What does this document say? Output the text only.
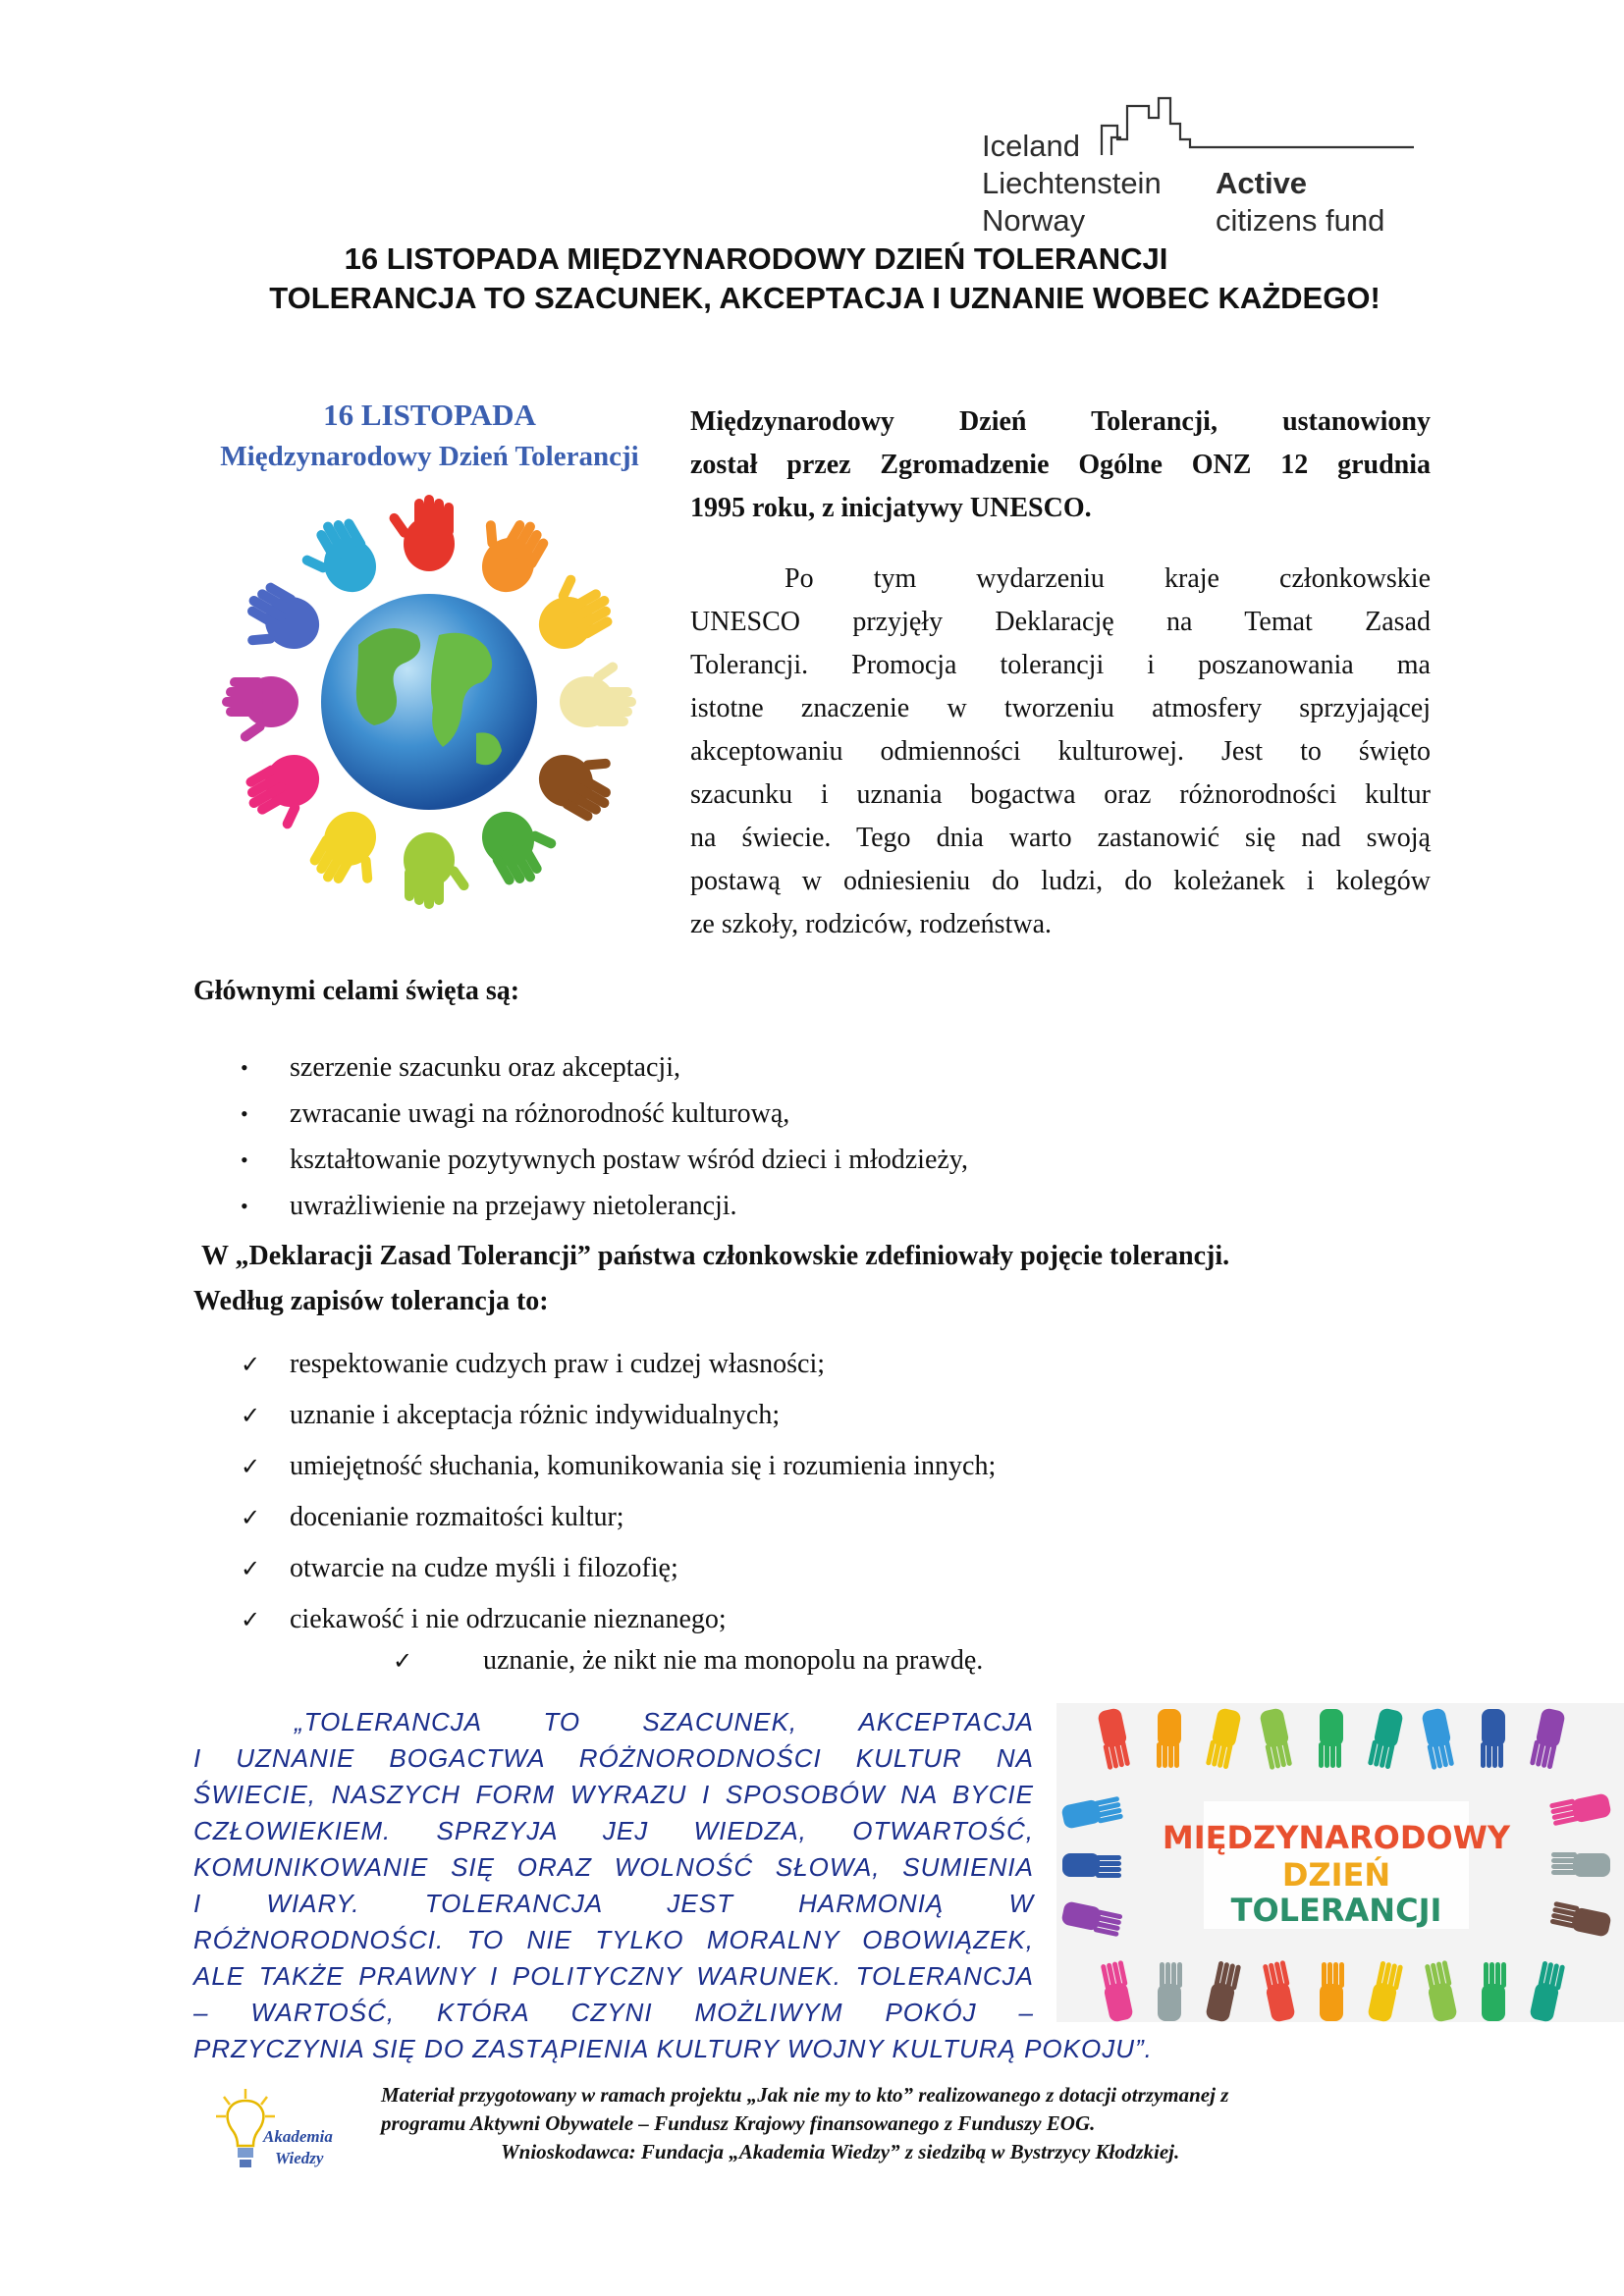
Iceland
Liechtenstein
Norway
Active
citizens fund
16 LISTOPADA MIĘDZYNARODOWY DZIEŃ TOLERANCJI
TOLERANCJA TO SZACUNEK, AKCEPTACJA I UZNANIE WOBEC KAŻDEGO!
16 LISTOPADA
Międzynarodowy Dzień Tolerancji
Międzynarodowy Dzień Tolerancji, ustanowiony
został przez Zgromadzenie Ogólne ONZ 12 grudnia
1995 roku, z inicjatywy UNESCO.
Po tym wydarzeniu kraje członkowskie
UNESCO przyjęły Deklarację na Temat Zasad
Tolerancji. Promocja tolerancji i poszanowania ma
istotne znaczenie w tworzeniu atmosfery sprzyjającej
akceptowaniu odmienności kulturowej. Jest to święto
szacunku i uznania bogactwa oraz różnorodności kultur
na świecie. Tego dnia warto zastanowić się nad swoją
postawą w odniesieniu do ludzi, do koleżanek i kolegów
ze szkoły, rodziców, rodzeństwa.
Głównymi celami święta są:
•	szerzenie szacunku oraz akceptacji,
•	zwracanie uwagi na różnorodność kulturową,
•	kształtowanie pozytywnych postaw wśród dzieci i młodzieży,
•	uwrażliwienie na przejawy nietolerancji.
W „Deklaracji Zasad Tolerancji” państwa członkowskie zdefiniowały pojęcie tolerancji.
Według zapisów tolerancja to:
✓	respektowanie cudzych praw i cudzej własności;
✓	uznanie i akceptacja różnic indywidualnych;
✓	umiejętność słuchania, komunikowania się i rozumienia innych;
✓	docenianie rozmaitości kultur;
✓	otwarcie na cudze myśli i filozofię;
✓	ciekawość i nie odrzucanie nieznanego;
✓	uznanie, że nikt nie ma monopolu na prawdę.
„TOLERANCJA TO SZACUNEK, AKCEPTACJA
I UZNANIE BOGACTWA RÓŻNORODNOŚCI KULTUR NA
ŚWIECIE, NASZYCH FORM WYRAZU I SPOSOBÓW NA BYCIE
CZŁOWIEKIEM. SPRZYJA JEJ WIEDZA, OTWARTOŚĆ,
KOMUNIKOWANIE SIĘ ORAZ WOLNOŚĆ SŁOWA, SUMIENIA
I WIARY. TOLERANCJA JEST HARMONIĄ W
RÓŻNORODNOŚCI. TO NIE TYLKO MORALNY OBOWIĄZEK,
ALE TAKŻE PRAWNY I POLITYCZNY WARUNEK. TOLERANCJA
– WARTOŚĆ, KTÓRA CZYNI MOŻLIWYM POKÓJ –
PRZYCZYNIA SIĘ DO ZASTĄPIENIA KULTURY WOJNY KULTURĄ POKOJU”.
MIĘDZYNARODOWY
DZIEŃ
TOLERANCJI
Akademia
Wiedzy
Materiał przygotowany w ramach projektu „Jak nie my to kto” realizowanego z dotacji otrzymanej z
programu Aktywni Obywatele – Fundusz Krajowy finansowanego z Funduszy EOG.
Wnioskodawca: Fundacja „Akademia Wiedzy” z siedzibą w Bystrzycy Kłodzkiej.
